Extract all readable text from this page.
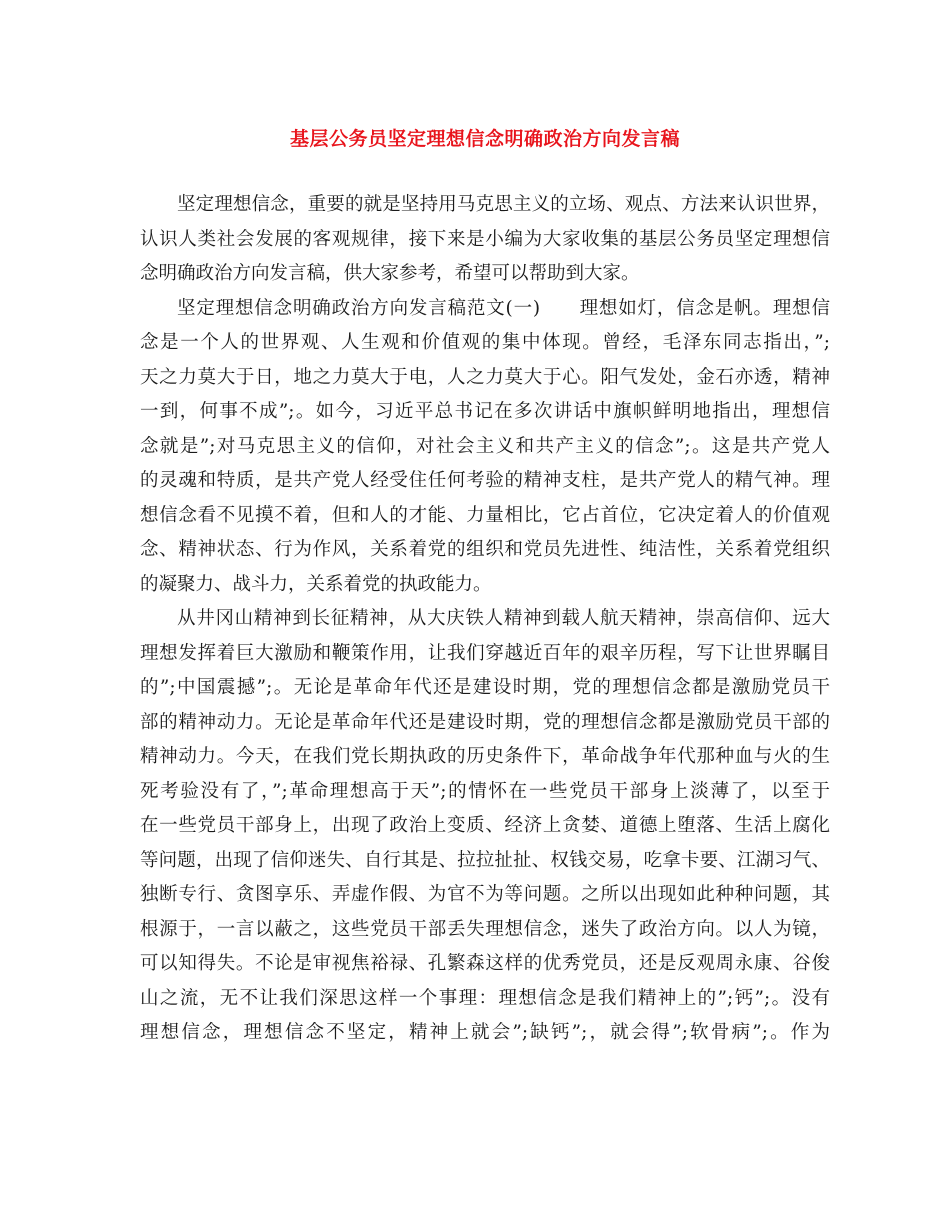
基层公务员坚定理想信念明确政治方向发言稿
坚定理想信念，重要的就是坚持用马克思主义的立场、观点、方法来认识世界，
认识人类社会发展的客观规律，接下来是小编为大家收集的基层公务员坚定理想信
念明确政治方向发言稿，供大家参考，希望可以帮助到大家。
坚定理想信念明确政治方向发言稿范文(一)　　理想如灯，信念是帆。理想信
念是一个人的世界观、人生观和价值观的集中体现。曾经，毛泽东同志指出，”;
天之力莫大于日，地之力莫大于电，人之力莫大于心。阳气发处，金石亦透，精神
一到，何事不成”;。如今，习近平总书记在多次讲话中旗帜鲜明地指出，理想信
念就是”;对马克思主义的信仰，对社会主义和共产主义的信念”;。这是共产党人
的灵魂和特质，是共产党人经受住任何考验的精神支柱，是共产党人的精气神。理
想信念看不见摸不着，但和人的才能、力量相比，它占首位，它决定着人的价值观
念、精神状态、行为作风，关系着党的组织和党员先进性、纯洁性，关系着党组织
的凝聚力、战斗力，关系着党的执政能力。
从井冈山精神到长征精神，从大庆铁人精神到载人航天精神，崇高信仰、远大
理想发挥着巨大激励和鞭策作用，让我们穿越近百年的艰辛历程，写下让世界瞩目
的”;中国震撼”;。无论是革命年代还是建设时期，党的理想信念都是激励党员干
部的精神动力。无论是革命年代还是建设时期，党的理想信念都是激励党员干部的
精神动力。今天，在我们党长期执政的历史条件下，革命战争年代那种血与火的生
死考验没有了，”;革命理想高于天”;的情怀在一些党员干部身上淡薄了，以至于
在一些党员干部身上，出现了政治上变质、经济上贪婪、道德上堕落、生活上腐化
等问题，出现了信仰迷失、自行其是、拉拉扯扯、权钱交易，吃拿卡要、江湖习气、
独断专行、贪图享乐、弄虚作假、为官不为等问题。之所以出现如此种种问题，其
根源于，一言以蔽之，这些党员干部丢失理想信念，迷失了政治方向。以人为镜，
可以知得失。不论是审视焦裕禄、孔繁森这样的优秀党员，还是反观周永康、谷俊
山之流，无不让我们深思这样一个事理：理想信念是我们精神上的”;钙”;。没有
理想信念，理想信念不坚定，精神上就会”;缺钙”;，就会得”;软骨病”;。作为
